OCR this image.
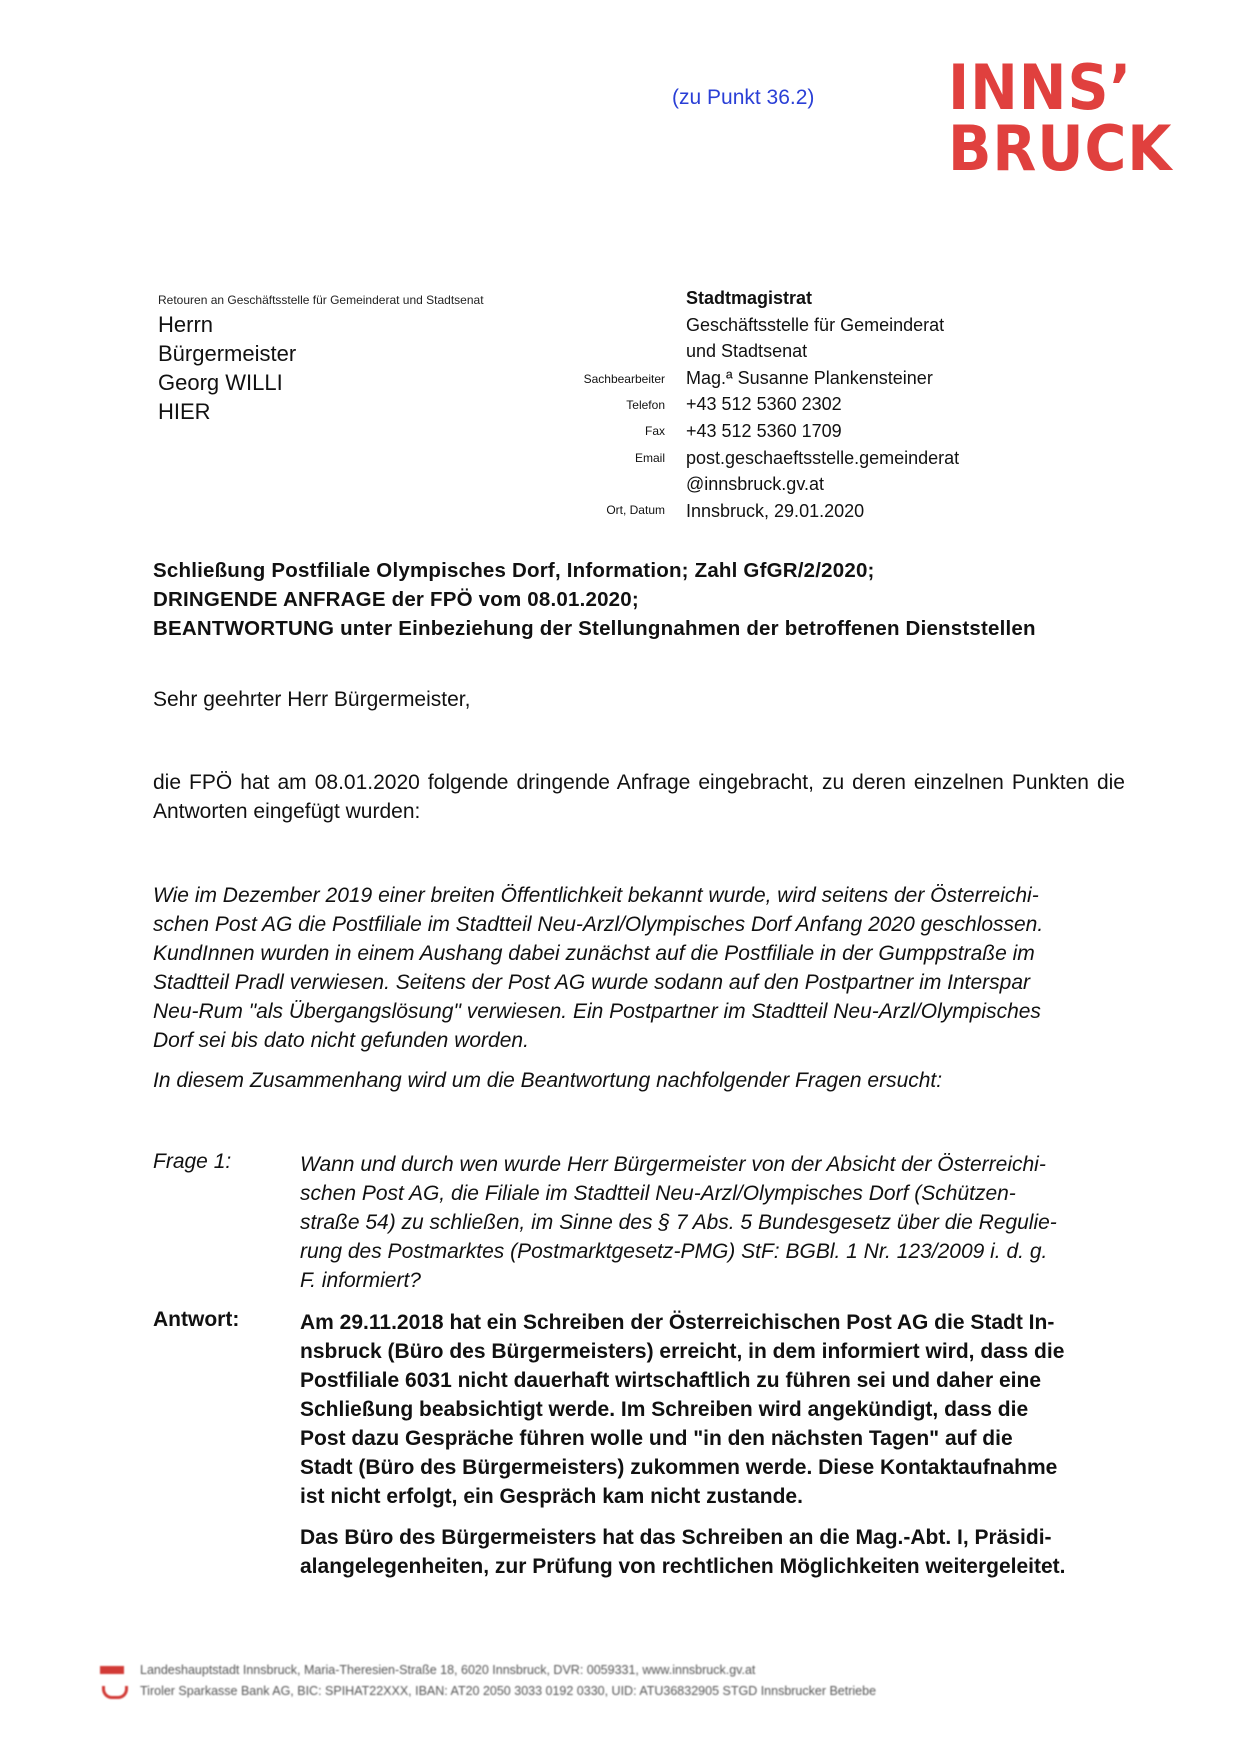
(zu Punkt 36.2) INNS’
BRUCK
Retouren an Geschäftsstelle für Gemeinderat und Stadtsenat
Herrn
Bürgermeister
Georg WILLI
HIER
Sachbearbeiter
Telefon
Fax
Email
Ort, Datum
Stadtmagistrat
Geschäftsstelle für Gemeinderat
und Stadtsenat
Mag.ª Susanne Plankensteiner
+43 512 5360 2302
+43 512 5360 1709
post.geschaeftsstelle.gemeinderat
@innsbruck.gv.at
Innsbruck, 29.01.2020
Schließung Postfiliale Olympisches Dorf, Information; Zahl GfGR/2/2020;
DRINGENDE ANFRAGE der FPÖ vom 08.01.2020;
BEANTWORTUNG unter Einbeziehung der Stellungnahmen der betroffenen Dienststellen
Sehr geehrter Herr Bürgermeister,
die FPÖ hat am 08.01.2020 folgende dringende Anfrage eingebracht, zu deren einzelnen Punkten die Antworten eingefügt wurden:
Wie im Dezember 2019 einer breiten Öffentlichkeit bekannt wurde, wird seitens der Österreichi-
schen Post AG die Postfiliale im Stadtteil Neu-Arzl/Olympisches Dorf Anfang 2020 geschlossen.
KundInnen wurden in einem Aushang dabei zunächst auf die Postfiliale in der Gumppstraße im
Stadtteil Pradl verwiesen. Seitens der Post AG wurde sodann auf den Postpartner im Interspar
Neu-Rum "als Übergangslösung" verwiesen. Ein Postpartner im Stadtteil Neu-Arzl/Olympisches
Dorf sei bis dato nicht gefunden worden.
In diesem Zusammenhang wird um die Beantwortung nachfolgender Fragen ersucht:
Frage 1:	Wann und durch wen wurde Herr Bürgermeister von der Absicht der Österreichi-
schen Post AG, die Filiale im Stadtteil Neu-Arzl/Olympisches Dorf (Schützen-
straße 54) zu schließen, im Sinne des § 7 Abs. 5 Bundesgesetz über die Regulie-
rung des Postmarktes (Postmarktgesetz-PMG) StF: BGBl. 1 Nr. 123/2009 i. d. g.
F. informiert?
Antwort:	Am 29.11.2018 hat ein Schreiben der Österreichischen Post AG die Stadt In-
nsbruck (Büro des Bürgermeisters) erreicht, in dem informiert wird, dass die
Postfiliale 6031 nicht dauerhaft wirtschaftlich zu führen sei und daher eine
Schließung beabsichtigt werde. Im Schreiben wird angekündigt, dass die
Post dazu Gespräche führen wolle und "in den nächsten Tagen" auf die
Stadt (Büro des Bürgermeisters) zukommen werde. Diese Kontaktaufnahme
ist nicht erfolgt, ein Gespräch kam nicht zustande.

Das Büro des Bürgermeisters hat das Schreiben an die Mag.-Abt. I, Präsidi-
alangelegenheiten, zur Prüfung von rechtlichen Möglichkeiten weitergeleitet.

Landeshauptstadt Innsbruck, Maria-Theresien-Straße 18, 6020 Innsbruck, DVR: 0059331, www.innsbruck.gv.at
Tiroler Sparkasse Bank AG, BIC: SPIHAT22XXX, IBAN: AT20 2050 3033 0192 0330, UID: ATU36832905 STGD Innsbrucker Betriebe
